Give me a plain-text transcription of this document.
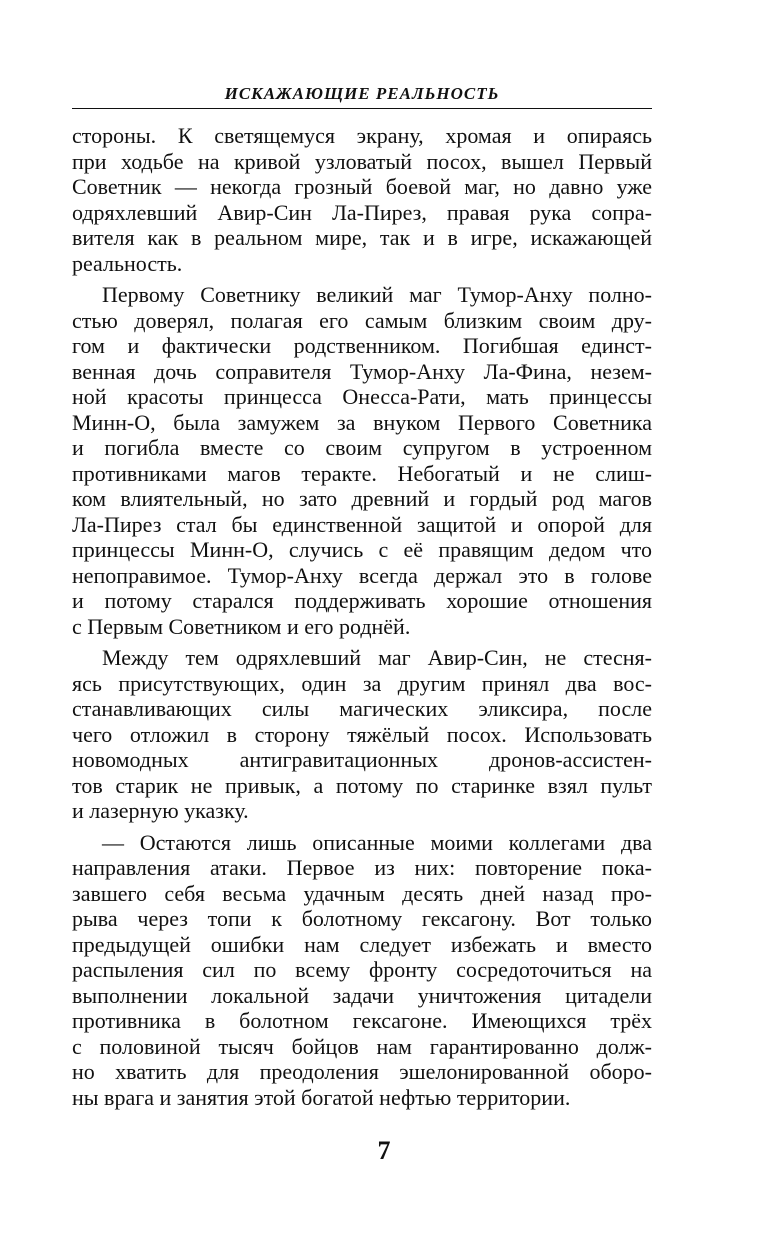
ИСКАЖАЮЩИЕ РЕАЛЬНОСТЬ

стороны. К светящемуся экрану, хромая и опираясь
при ходьбе на кривой узловатый посох, вышел Первый
Советник — некогда грозный боевой маг, но давно уже
одряхлевший Авир-Син Ла-Пирез, правая рука сопра-
вителя как в реальном мире, так и в игре, искажающей
реальность.

Первому Советнику великий маг Тумор-Анху полно-
стью доверял, полагая его самым близким своим дру-
гом и фактически родственником. Погибшая единст-
венная дочь соправителя Тумор-Анху Ла-Фина, незем-
ной красоты принцесса Онесса-Рати, мать принцессы
Минн-О, была замужем за внуком Первого Советника
и погибла вместе со своим супругом в устроенном
противниками магов теракте. Небогатый и не слиш-
ком влиятельный, но зато древний и гордый род магов
Ла-Пирез стал бы единственной защитой и опорой для
принцессы Минн-О, случись с её правящим дедом что
непоправимое. Тумор-Анху всегда держал это в голове
и потому старался поддерживать хорошие отношения
с Первым Советником и его роднёй.

Между тем одряхлевший маг Авир-Син, не стесня-
ясь присутствующих, один за другим принял два вос-
станавливающих силы магических эликсира, после
чего отложил в сторону тяжёлый посох. Использовать
новомодных антигравитационных дронов-ассистен-
тов старик не привык, а потому по старинке взял пульт
и лазерную указку.

— Остаются лишь описанные моими коллегами два
направления атаки. Первое из них: повторение пока-
завшего себя весьма удачным десять дней назад про-
рыва через топи к болотному гексагону. Вот только
предыдущей ошибки нам следует избежать и вместо
распыления сил по всему фронту сосредоточиться на
выполнении локальной задачи уничтожения цитадели
противника в болотном гексагоне. Имеющихся трёх
с половиной тысяч бойцов нам гарантированно долж-
но хватить для преодоления эшелонированной оборо-
ны врага и занятия этой богатой нефтью территории.

7
